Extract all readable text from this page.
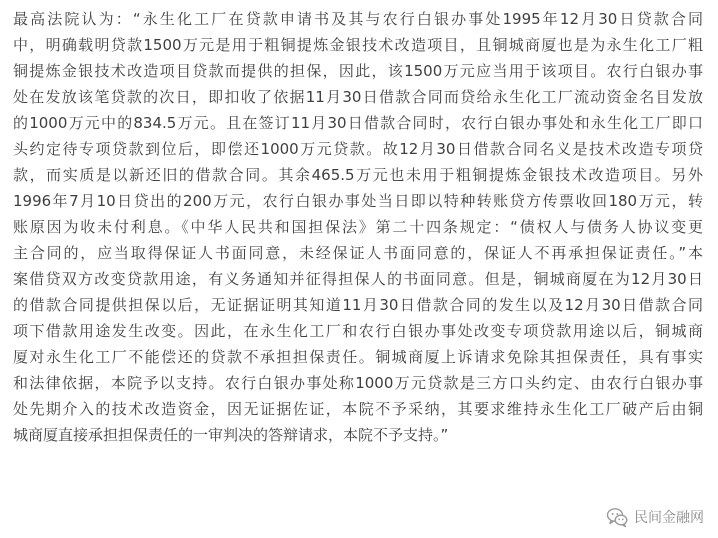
最高法院认为：“永生化工厂在贷款申请书及其与农行白银办事处1995年12月30日贷款合同
中，明确载明贷款1500万元是用于粗铜提炼金银技术改造项目，且铜城商厦也是为永生化工厂粗
铜提炼金银技术改造项目贷款而提供的担保，因此，该1500万元应当用于该项目。农行白银办事
处在发放该笔贷款的次日，即扣收了依据11月30日借款合同而贷给永生化工厂流动资金名目发放
的1000万元中的834.5万元。且在签订11月30日借款合同时，农行白银办事处和永生化工厂即口
头约定待专项贷款到位后，即偿还1000万元贷款。故12月30日借款合同名义是技术改造专项贷
款，而实质是以新还旧的借款合同。其余465.5万元也未用于粗铜提炼金银技术改造项目。另外
1996年7月10日贷出的200万元，农行白银办事处当日即以特种转账贷方传票收回180万元，转
账原因为收未付利息。《中华人民共和国担保法》第二十四条规定：“债权人与债务人协议变更
主合同的，应当取得保证人书面同意，未经保证人书面同意的，保证人不再承担保证责任。”本
案借贷双方改变贷款用途，有义务通知并征得担保人的书面同意。但是，铜城商厦在为12月30日
的借款合同提供担保以后，无证据证明其知道11月30日借款合同的发生以及12月30日借款合同
项下借款用途发生改变。因此，在永生化工厂和农行白银办事处改变专项贷款用途以后，铜城商
厦对永生化工厂不能偿还的贷款不承担担保责任。铜城商厦上诉请求免除其担保责任，具有事实
和法律依据，本院予以支持。农行白银办事处称1000万元贷款是三方口头约定、由农行白银办事
处先期介入的技术改造资金，因无证据佐证，本院不予采纳，其要求维持永生化工厂破产后由铜
城商厦直接承担担保责任的一审判决的答辩请求，本院不予支持。”
民间金融网
